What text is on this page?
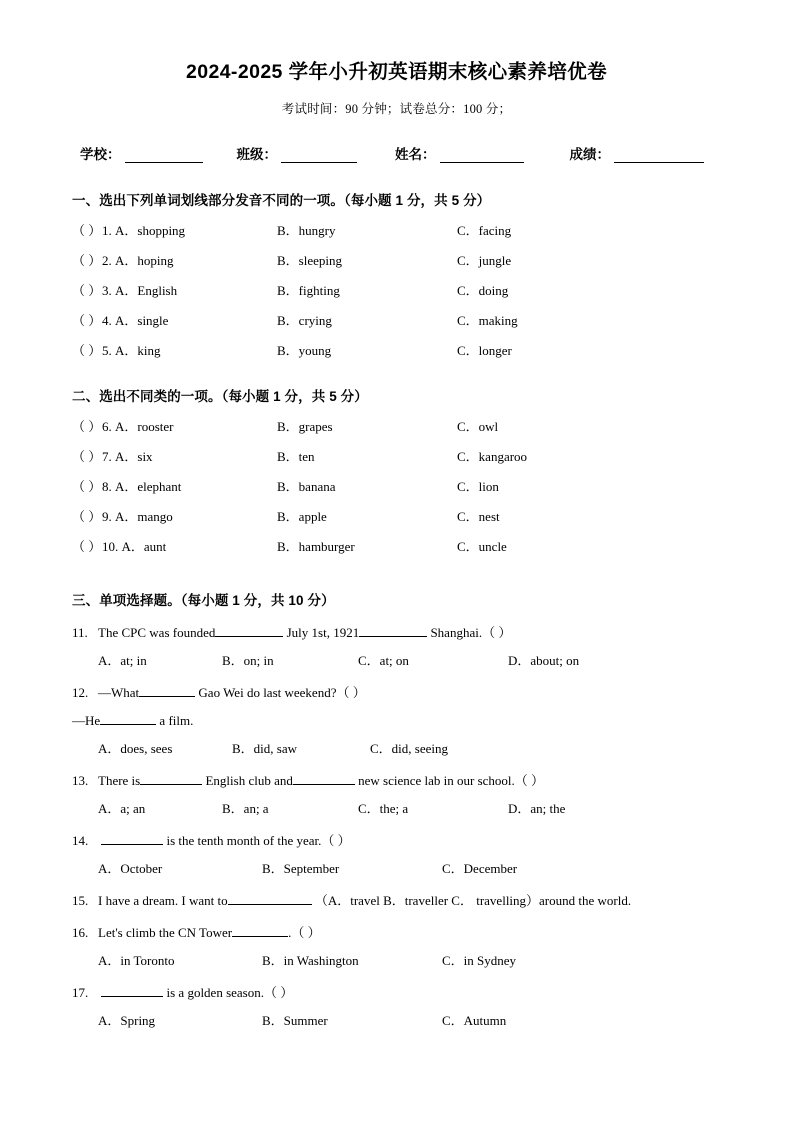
2024-2025 学年小升初英语期末核心素养培优卷
考试时间：90 分钟；试卷总分：100 分；
学校：	班级：	姓名：	成绩：
一、选出下列单词划线部分发音不同的一项。（每小题 1 分，共 5 分）
（ ） 1. A．shopping	B．hungry	C．facing
（ ） 2. A．hoping	B．sleeping	C．jungle
（ ） 3. A．English	B．fighting	C．doing
（ ） 4. A．single	B．crying	C．making
（ ） 5. A．king	B．young	C．longer
二、选出不同类的一项。（每小题 1 分，共 5 分）
（ ） 6. A．rooster	B．grapes	C．owl
（ ） 7. A．six	B．ten	C．kangaroo
（ ） 8. A．elephant	B．banana	C．lion
（ ） 9. A．mango	B．apple	C．nest
（ ） 10. A．aunt	B．hamburger	C．uncle
三、单项选择题。（每小题 1 分，共 10 分）
11. The CPC was founded	July 1st, 1921	Shanghai.（ ）
A．at; in	B．on; in	C．at; on	D．about; on
12. —What	Gao Wei do last weekend?（ ）
—He	a film.
A．does, sees	B．did, saw	C．did, seeing
13. There is	English club and	new science lab in our school.（ ）
A．a; an	B．an; a	C．the; a	D．an; the
14.	is the tenth month of the year.（ ）
A．October	B．September	C．December
15. I have a dream. I want to	（A．travel B．traveller C． travelling）around the world.
16. Let's climb the CN Tower	.（ ）
A．in Toronto	B．in Washington	C．in Sydney
17.	is a golden season.（ ）
A．Spring	B．Summer	C．Autumn
